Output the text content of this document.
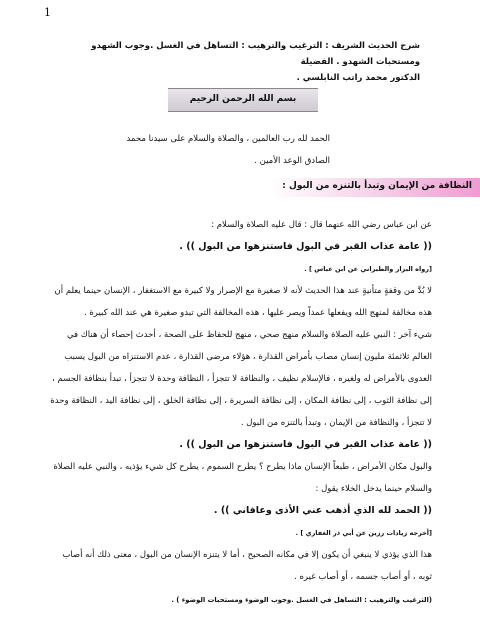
1
شرح الحديث الشريف : الترغيب والترهيب : التساهل في الغسل .وجوب الشهدو ومستحبات الشهدو . الفضيلة
الدكتور محمد راتب النابلسي .
بسم الله الرحمن الرحيم
الحمد لله رب العالمين ، والصلاة والسلام على سيدنا محمد الصادق الوعد الأمين .
النظافة من الإيمان وتبدأ بالتنزه من البول :

عن ابن عباس رضي الله عنهما قال : قال عليه الصلاة والسلام :

(( عامة عذاب القبر في البول فاستنزهوا من البول )) .

[رواه البزار والطبراني عن ابن عباس ] .

لا بُدَّ من وقفةٍ متأنيةٍ عند هذا الحديث لأنه لا صغيرة مع الإصرار ولا كبيرة مع الاستغفار ، الإنسان حينما يعلم أن هذه مخالفة لمنهج الله ويفعلها عمداً ويصر عليها ، هذه المخالفة التي تبدو صغيرة هي عند الله كبيرة .

شيء آخر : النبي عليه الصلاة والسلام منهج صحي ، منهج للحفاظ على الصحة ، أحدث إحصاء أن هناك في العالم ثلاثمئة مليون إنسان مصاب بأمراض القذارة ، هؤلاء مرضى القذارة ، عدم الاستنزاه من البول يسبب العدوى بالأمراض له ولغيره ، فالإسلام نظيف ، والنظافة لا تتجزأ ، النظافة وحدة لا تتجزأ ، تبدأ بنظافة الجسم ، إلى نظافة الثوب ، إلى نظافة المكان ، إلى نظافة السريرة ، إلى نظافة الخلق ، إلى نظافة اليد ، النظافة وحدة لا تتجزأ ، والنظافة من الإيمان ، وتبدأ بالتنزه من البول .

(( عامة عذاب القبر في البول فاستنزهوا من البول )) .

والبول مكان الأمراض ، طبعاً الإنسان ماذا يطرح ؟ يطرح السموم ، يطرح كل شيء يؤذيه ، والنبي عليه الصلاة والسلام حينما يدخل الخلاء يقول :

(( الحمد لله الذي أذهب عني الأذى وعافاني )) .

[أخرجه زيادات رزين عن أبي ذر الغفاري ] .

هذا الذي يؤذي لا ينبغي أن يكون إلا في مكانه الصحيح ، أما لا يتنزه الإنسان من البول ، معنى ذلك أنه أصاب ثوبه ، أو أصاب جسمه ، أو أصاب غيره .

(الترغيب والترهيب : التساهل في الغسل .وجوب الوضوء ومستحبات الوضوء ) .
